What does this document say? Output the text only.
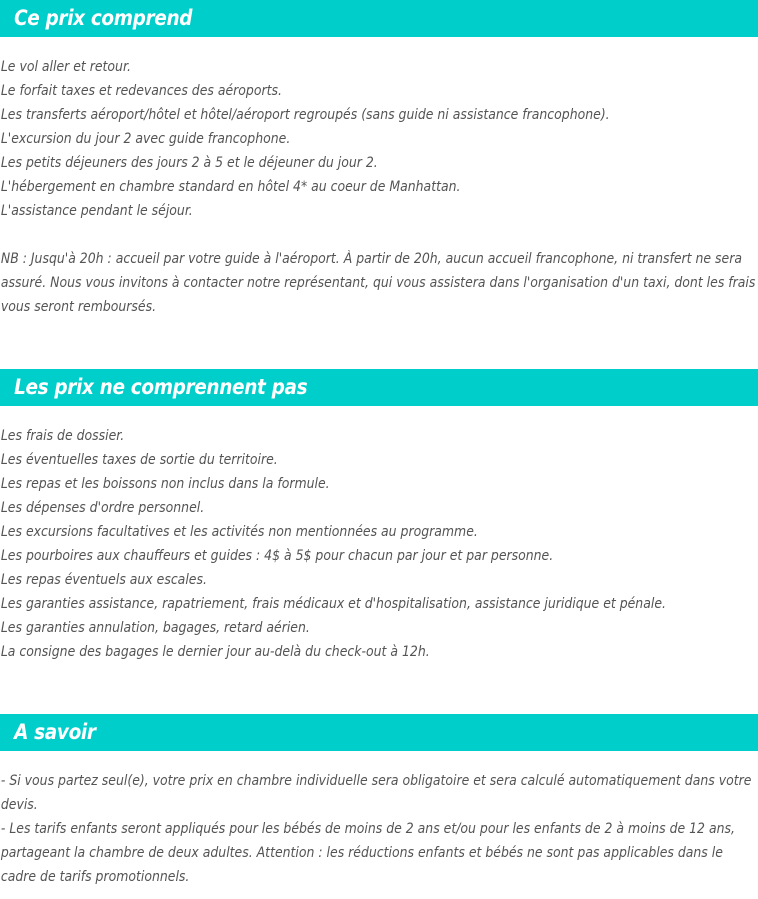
Ce prix comprend
Le vol aller et retour.
Le forfait taxes et redevances des aéroports.
Les transferts aéroport/hôtel et hôtel/aéroport regroupés (sans guide ni assistance francophone).
L'excursion du jour 2 avec guide francophone.
Les petits déjeuners des jours 2 à 5 et le déjeuner du jour 2.
L'hébergement en chambre standard en hôtel 4* au coeur de Manhattan.
L'assistance pendant le séjour.

NB : Jusqu'à 20h : accueil par votre guide à l'aéroport. À partir de 20h, aucun accueil francophone, ni transfert ne sera assuré. Nous vous invitons à contacter notre représentant, qui vous assistera dans l'organisation d'un taxi, dont les frais vous seront remboursés.

Les prix ne comprennent pas
Les frais de dossier.
Les éventuelles taxes de sortie du territoire.
Les repas et les boissons non inclus dans la formule.
Les dépenses d'ordre personnel.
Les excursions facultatives et les activités non mentionnées au programme.
Les pourboires aux chauffeurs et guides : 4$ à 5$ pour chacun par jour et par personne.
Les repas éventuels aux escales.
Les garanties assistance, rapatriement, frais médicaux et d'hospitalisation, assistance juridique et pénale.
Les garanties annulation, bagages, retard aérien.
La consigne des bagages le dernier jour au-delà du check-out à 12h.
A savoir

- Si vous partez seul(e), votre prix en chambre individuelle sera obligatoire et sera calculé automatiquement dans votre devis.

- Les tarifs enfants seront appliqués pour les bébés de moins de 2 ans et/ou pour les enfants de 2 à moins de 12 ans, partageant la chambre de deux adultes. Attention : les réductions enfants et bébés ne sont pas applicables dans le cadre de tarifs promotionnels.
